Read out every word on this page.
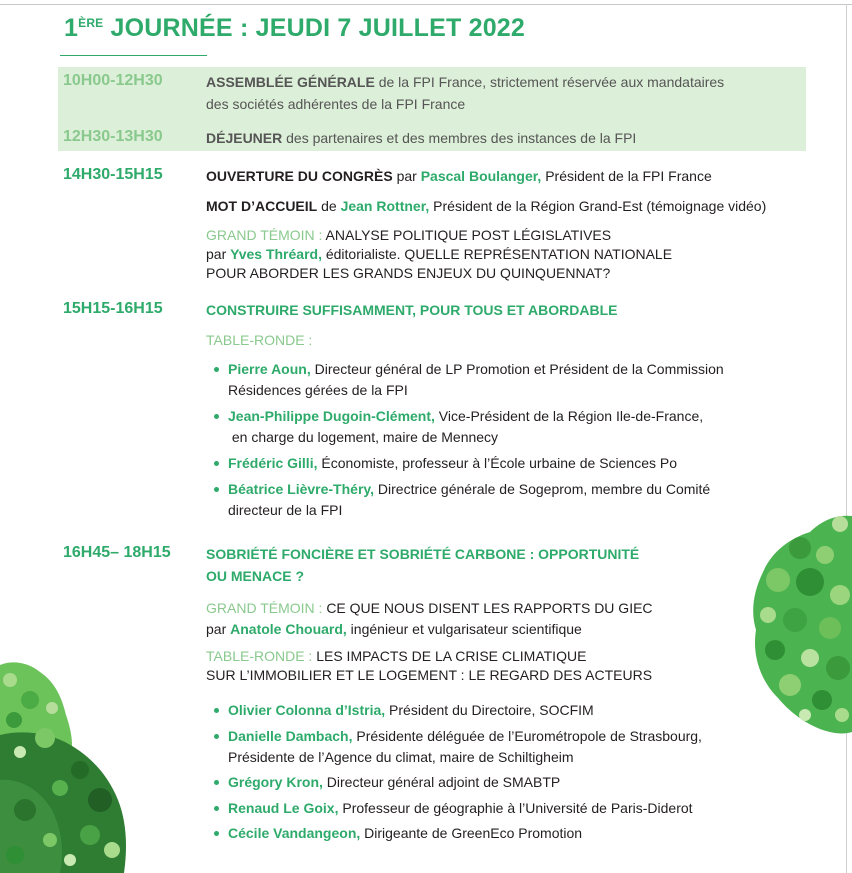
1ÈRE JOURNÉE : JEUDI 7 JUILLET 2022
10H00-12H30	ASSEMBLÉE GÉNÉRALE de la FPI France, strictement réservée aux mandataires
des sociétés adhérentes de la FPI France
12H30-13H30	DÉJEUNER des partenaires et des membres des instances de la FPI
14H30-15H15	OUVERTURE DU CONGRÈS par Pascal Boulanger, Président de la FPI France
MOT D’ACCUEIL de Jean Rottner, Président de la Région Grand-Est (témoignage vidéo)
GRAND TÉMOIN : ANALYSE POLITIQUE POST LÉGISLATIVES
par Yves Thréard, éditorialiste. QUELLE REPRÉSENTATION NATIONALE
POUR ABORDER LES GRANDS ENJEUX DU QUINQUENNAT?
15H15-16H15	CONSTRUIRE SUFFISAMMENT, POUR TOUS ET ABORDABLE
TABLE-RONDE :
Pierre Aoun, Directeur général de LP Promotion et Président de la Commission
Résidences gérées de la FPI
Jean-Philippe Dugoin-Clément, Vice-Président de la Région Ile-de-France,
en charge du logement, maire de Mennecy
Frédéric Gilli, Économiste, professeur à l’École urbaine de Sciences Po
Béatrice Lièvre-Théry, Directrice générale de Sogeprom, membre du Comité
directeur de la FPI
16H45– 18H15	SOBRIÉTÉ FONCIÈRE ET SOBRIÉTÉ CARBONE : OPPORTUNITÉ
OU MENACE ?
GRAND TÉMOIN : CE QUE NOUS DISENT LES RAPPORTS DU GIEC
par Anatole Chouard, ingénieur et vulgarisateur scientifique
TABLE-RONDE : LES IMPACTS DE LA CRISE CLIMATIQUE
SUR L’IMMOBILIER ET LE LOGEMENT : LE REGARD DES ACTEURS
Olivier Colonna d’Istria, Président du Directoire, SOCFIM
Danielle Dambach, Présidente déléguée de l’Eurométropole de Strasbourg,
Présidente de l’Agence du climat, maire de Schiltigheim
Grégory Kron, Directeur général adjoint de SMABTP
Renaud Le Goix, Professeur de géographie à l’Université de Paris-Diderot
Cécile Vandangeon, Dirigeante de GreenEco Promotion
